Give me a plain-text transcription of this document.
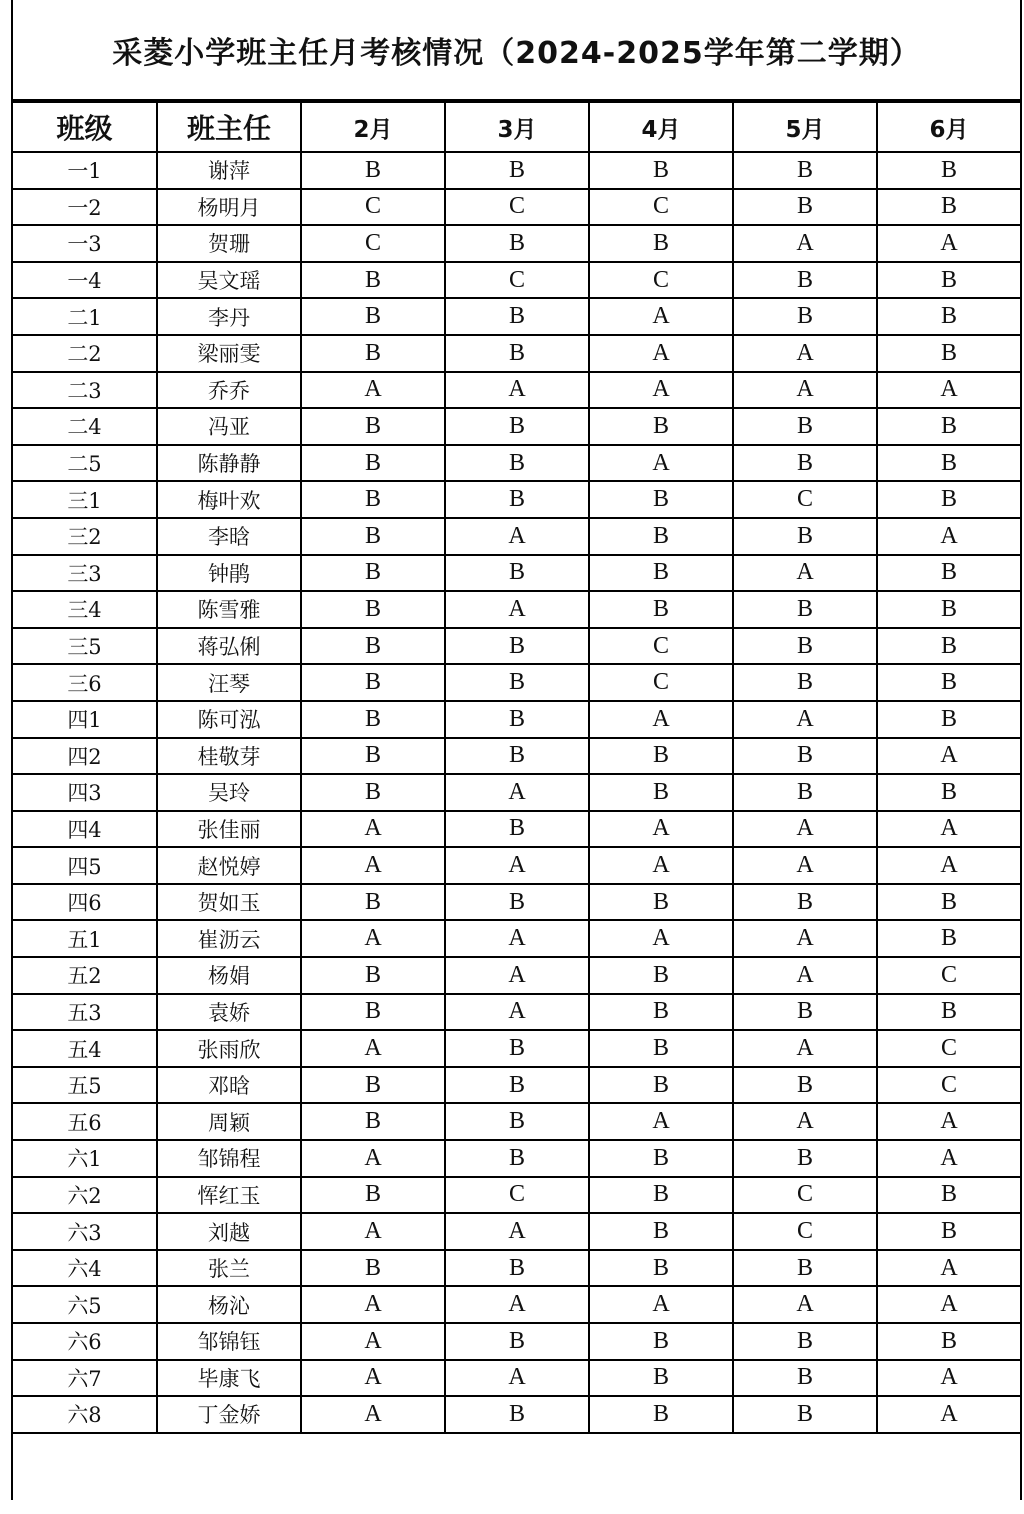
采菱小学班主任月考核情况（2024-2025学年第二学期）
班级	班主任	2月	3月	4月	5月	6月
一1	谢萍	B	B	B	B	B
一2	杨明月	C	C	C	B	B
一3	贺珊	C	B	B	A	A
一4	吴文瑶	B	C	C	B	B
二1	李丹	B	B	A	B	B
二2	梁丽雯	B	B	A	A	B
二3	乔乔	A	A	A	A	A
二4	冯亚	B	B	B	B	B
二5	陈静静	B	B	A	B	B
三1	梅叶欢	B	B	B	C	B
三2	李晗	B	A	B	B	A
三3	钟鹃	B	B	B	A	B
三4	陈雪雅	B	A	B	B	B
三5	蒋弘俐	B	B	C	B	B
三6	汪琴	B	B	C	B	B
四1	陈可泓	B	B	A	A	B
四2	桂敬芽	B	B	B	B	A
四3	吴玲	B	A	B	B	B
四4	张佳丽	A	B	A	A	A
四5	赵悦婷	A	A	A	A	A
四6	贺如玉	B	B	B	B	B
五1	崔沥云	A	A	A	A	B
五2	杨娟	B	A	B	A	C
五3	袁娇	B	A	B	B	B
五4	张雨欣	A	B	B	A	C
五5	邓晗	B	B	B	B	C
五6	周颖	B	B	A	A	A
六1	邹锦程	A	B	B	B	A
六2	恽红玉	B	C	B	C	B
六3	刘越	A	A	B	C	B
六4	张兰	B	B	B	B	A
六5	杨沁	A	A	A	A	A
六6	邹锦钰	A	B	B	B	B
六7	毕康飞	A	A	B	B	A
六8	丁金娇	A	B	B	B	A
